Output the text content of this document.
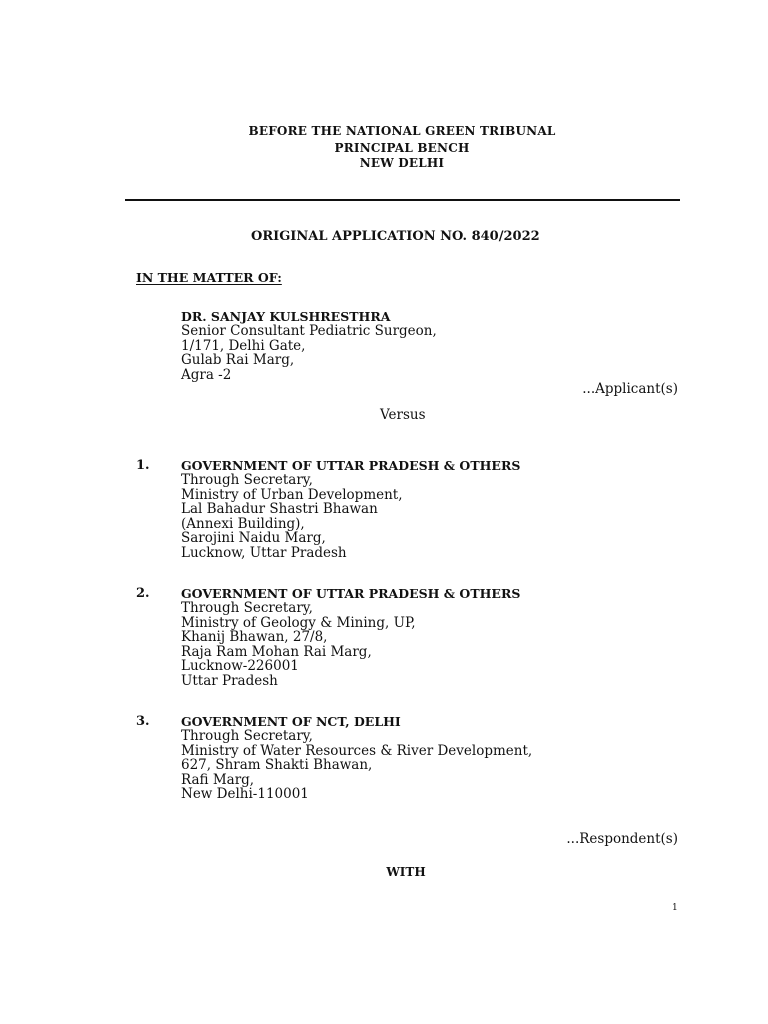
BEFORE THE NATIONAL GREEN TRIBUNAL
PRINCIPAL BENCH
NEW DELHI
ORIGINAL APPLICATION NO. 840/2022
IN THE MATTER OF:
DR. SANJAY KULSHRESTHRA
Senior Consultant Pediatric Surgeon,
1/171, Delhi Gate,
Gulab Rai Marg,
Agra -2
...Applicant(s)
Versus
1.	GOVERNMENT OF UTTAR PRADESH & OTHERS
Through Secretary,
Ministry of Urban Development,
Lal Bahadur Shastri Bhawan
(Annexi Building),
Sarojini Naidu Marg,
Lucknow, Uttar Pradesh
2.	GOVERNMENT OF UTTAR PRADESH & OTHERS
Through Secretary,
Ministry of Geology & Mining, UP,
Khanij Bhawan, 27/8,
Raja Ram Mohan Rai Marg,
Lucknow-226001
Uttar Pradesh
3.	GOVERNMENT OF NCT, DELHI
Through Secretary,
Ministry of Water Resources & River Development,
627, Shram Shakti Bhawan,
Rafi Marg,
New Delhi-110001
...Respondent(s)
WITH
1
